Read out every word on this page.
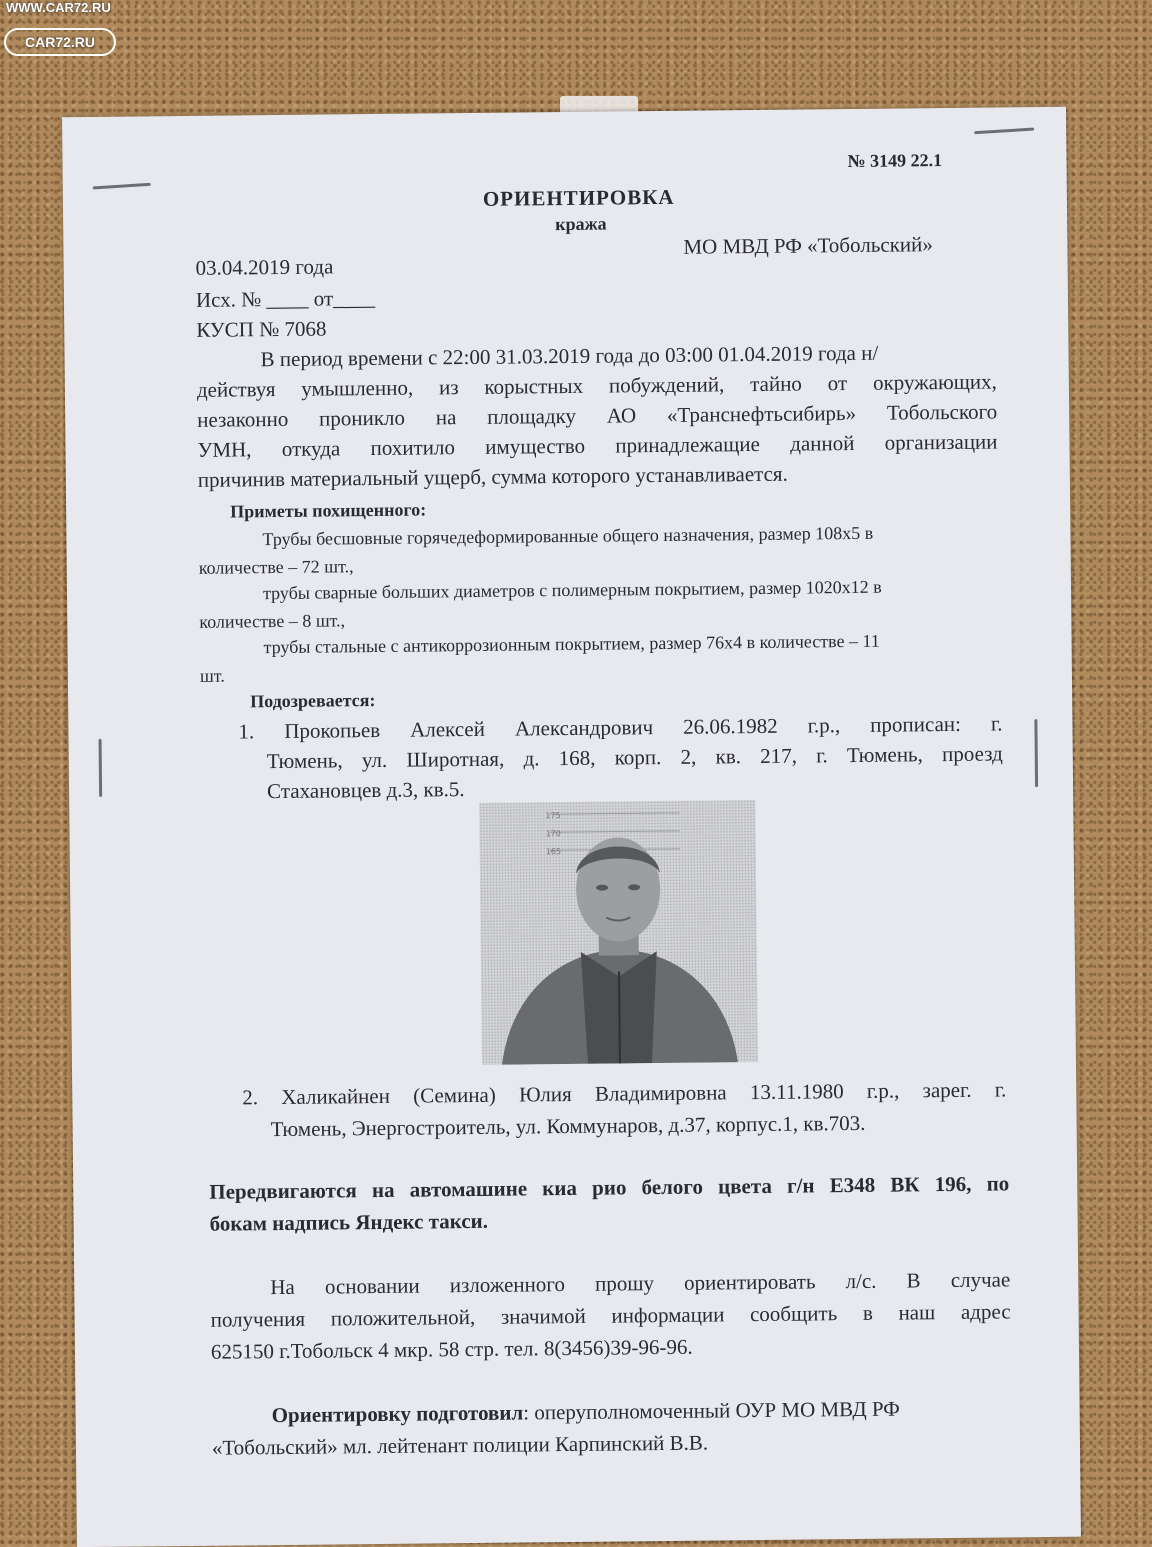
WWW.CAR72.RU
CAR72.RU
№ 3149 22.1
ОРИЕНТИРОВКА
кража
МО МВД РФ «Тобольский»
03.04.2019 года
Исх. № ____ от____
КУСП № 7068
В период времени с 22:00 31.03.2019 года до 03:00 01.04.2019 года н/
действуя умышленно, из корыстных побуждений, тайно от окружающих,
незаконно проникло на площадку АО «Транснефтьсибирь» Тобольского
УМН, откуда похитило имущество принадлежащие данной организации
причинив материальный ущерб, сумма которого устанавливается.
Приметы похищенного:
Трубы бесшовные горячедеформированные общего назначения, размер 108х5 в
количестве – 72 шт.,
трубы сварные больших диаметров с полимерным покрытием, размер 1020х12 в
количестве – 8 шт.,
трубы стальные с антикоррозионным покрытием, размер 76х4 в количестве – 11
шт.
Подозревается:
1. Прокопьев Алексей Александрович 26.06.1982 г.р., прописан: г.
Тюмень, ул. Широтная, д. 168, корп. 2, кв. 217, г. Тюмень, проезд
Стахановцев д.3, кв.5.
175
170
165
2. Халикайнен (Семина) Юлия Владимировна 13.11.1980 г.р., зарег. г.
Тюмень, Энергостроитель, ул. Коммунаров, д.37, корпус.1, кв.703.
Передвигаются на автомашине киа рио белого цвета г/н Е348 ВК 196, по
бокам надпись Яндекс такси.
На основании изложенного прошу ориентировать л/с. В случае
получения положительной, значимой информации сообщить в наш адрес
625150 г.Тобольск 4 мкр. 58 стр. тел. 8(3456)39-96-96.
Ориентировку подготовил: оперуполномоченный ОУР МО МВД РФ
«Тобольский» мл. лейтенант полиции Карпинский В.В.
